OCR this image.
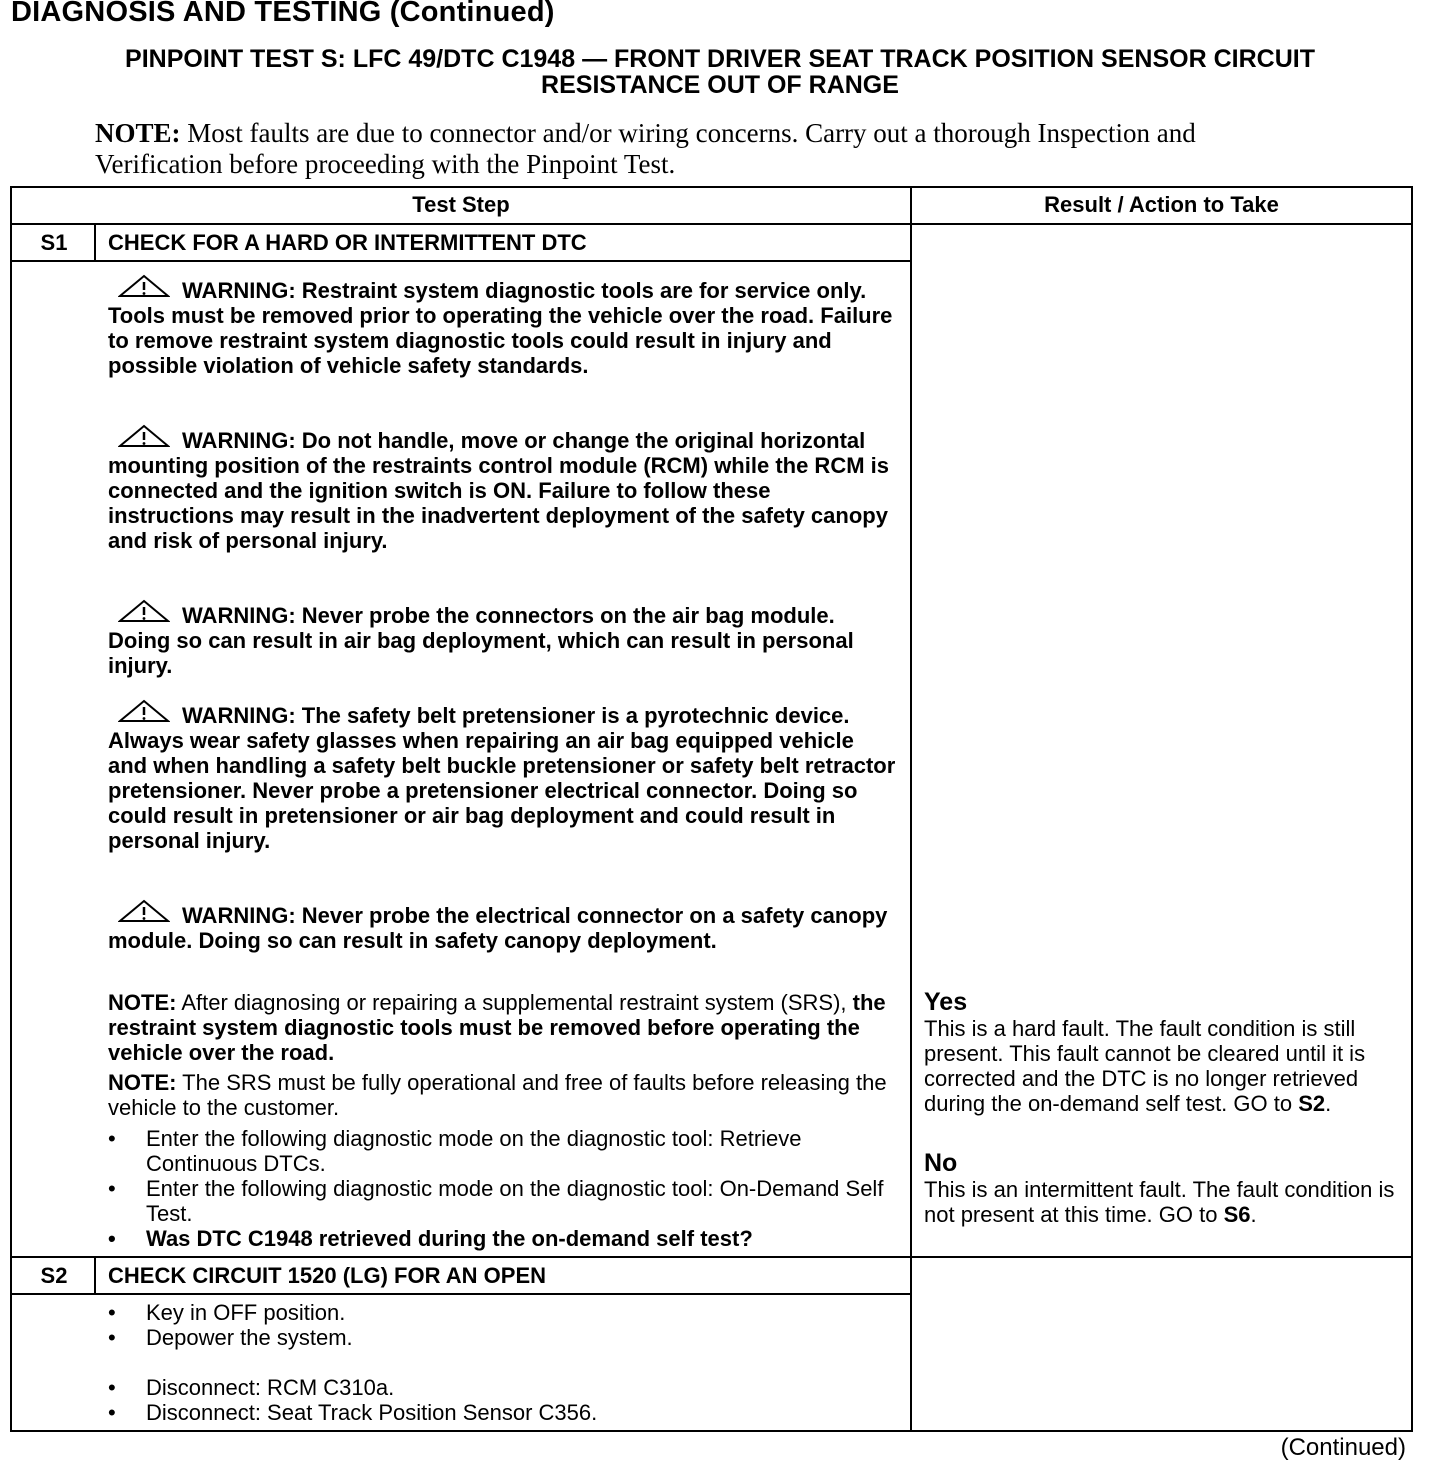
DIAGNOSIS AND TESTING (Continued)
PINPOINT TEST S: LFC 49/DTC C1948 — FRONT DRIVER SEAT TRACK POSITION SENSOR CIRCUIT
RESISTANCE OUT OF RANGE
NOTE: Most faults are due to connector and/or wiring concerns. Carry out a thorough Inspection and Verification before proceeding with the Pinpoint Test.
Test Step	Result / Action to Take
S1	CHECK FOR A HARD OR INTERMITTENT DTC
WARNING: Restraint system diagnostic tools are for service only. Tools must be removed prior to operating the vehicle over the road. Failure to remove restraint system diagnostic tools could result in injury and possible violation of vehicle safety standards.
WARNING: Do not handle, move or change the original horizontal mounting position of the restraints control module (RCM) while the RCM is connected and the ignition switch is ON. Failure to follow these instructions may result in the inadvertent deployment of the safety canopy and risk of personal injury.
WARNING: Never probe the connectors on the air bag module. Doing so can result in air bag deployment, which can result in personal injury.
WARNING: The safety belt pretensioner is a pyrotechnic device. Always wear safety glasses when repairing an air bag equipped vehicle and when handling a safety belt buckle pretensioner or safety belt retractor pretensioner. Never probe a pretensioner electrical connector. Doing so could result in pretensioner or air bag deployment and could result in personal injury.
WARNING: Never probe the electrical connector on a safety canopy module. Doing so can result in safety canopy deployment.
NOTE: After diagnosing or repairing a supplemental restraint system (SRS), the restraint system diagnostic tools must be removed before operating the vehicle over the road.
NOTE: The SRS must be fully operational and free of faults before releasing the vehicle to the customer.
• Enter the following diagnostic mode on the diagnostic tool: Retrieve Continuous DTCs.
• Enter the following diagnostic mode on the diagnostic tool: On-Demand Self Test.
• Was DTC C1948 retrieved during the on-demand self test?
Yes
This is a hard fault. The fault condition is still present. This fault cannot be cleared until it is corrected and the DTC is no longer retrieved during the on-demand self test. GO to S2.
No
This is an intermittent fault. The fault condition is not present at this time. GO to S6.
S2	CHECK CIRCUIT 1520 (LG) FOR AN OPEN
• Key in OFF position.
• Depower the system.
• Disconnect: RCM C310a.
• Disconnect: Seat Track Position Sensor C356.
(Continued)
